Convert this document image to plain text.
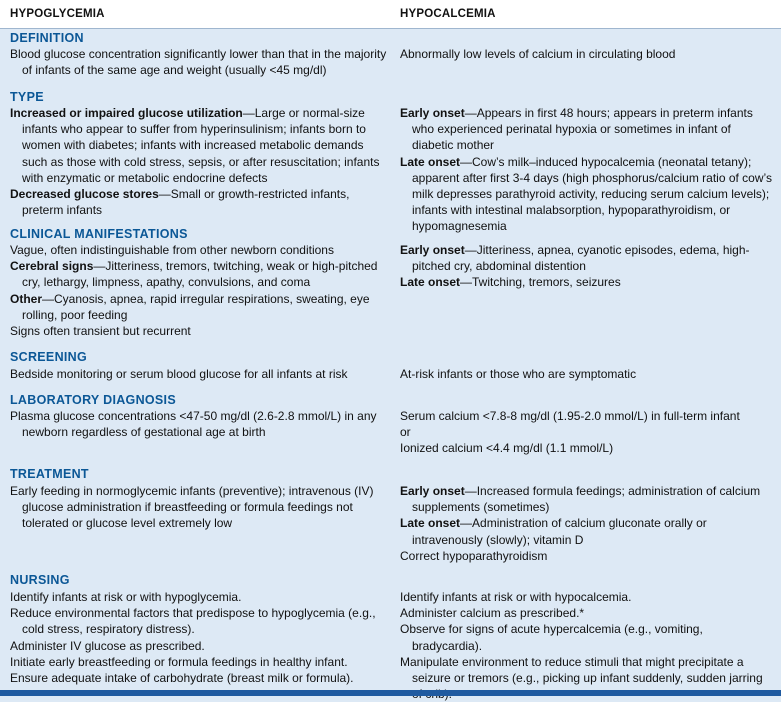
HYPOGLYCEMIA	HYPOCALCEMIA
DEFINITION
Blood glucose concentration significantly lower than that in the majority of infants of the same age and weight (usually <45 mg/dl)
Abnormally low levels of calcium in circulating blood
TYPE
Increased or impaired glucose utilization—Large or normal-size infants who appear to suffer from hyperinsulinism; infants born to women with diabetes; infants with increased metabolic demands such as those with cold stress, sepsis, or after resuscitation; infants with enzymatic or metabolic endocrine defects
Decreased glucose stores—Small or growth-restricted infants, preterm infants
Early onset—Appears in first 48 hours; appears in preterm infants who experienced perinatal hypoxia or sometimes in infant of diabetic mother
Late onset—Cow’s milk–induced hypocalcemia (neonatal tetany); apparent after first 3-4 days (high phosphorus/calcium ratio of cow’s milk depresses parathyroid activity, reducing serum calcium levels); infants with intestinal malabsorption, hypoparathyroidism, or hypomagnesemia
CLINICAL MANIFESTATIONS
Vague, often indistinguishable from other newborn conditions
Cerebral signs—Jitteriness, tremors, twitching, weak or high-pitched cry, lethargy, limpness, apathy, convulsions, and coma
Other—Cyanosis, apnea, rapid irregular respirations, sweating, eye rolling, poor feeding
Signs often transient but recurrent
Early onset—Jitteriness, apnea, cyanotic episodes, edema, high-pitched cry, abdominal distention
Late onset—Twitching, tremors, seizures
SCREENING
Bedside monitoring or serum blood glucose for all infants at risk	At-risk infants or those who are symptomatic
LABORATORY DIAGNOSIS
Plasma glucose concentrations <47-50 mg/dl (2.6-2.8 mmol/L) in any newborn regardless of gestational age at birth
Serum calcium <7.8-8 mg/dl (1.95-2.0 mmol/L) in full-term infant
or
Ionized calcium <4.4 mg/dl (1.1 mmol/L)
TREATMENT
Early feeding in normoglycemic infants (preventive); intravenous (IV) glucose administration if breastfeeding or formula feedings not tolerated or glucose level extremely low
Early onset—Increased formula feedings; administration of calcium supplements (sometimes)
Late onset—Administration of calcium gluconate orally or intravenously (slowly); vitamin D
Correct hypoparathyroidism
NURSING
Identify infants at risk or with hypoglycemia.
Reduce environmental factors that predispose to hypoglycemia (e.g., cold stress, respiratory distress).
Administer IV glucose as prescribed.
Initiate early breastfeeding or formula feedings in healthy infant.
Ensure adequate intake of carbohydrate (breast milk or formula).
Identify infants at risk or with hypocalcemia.
Administer calcium as prescribed.*
Observe for signs of acute hypercalcemia (e.g., vomiting, bradycardia).
Manipulate environment to reduce stimuli that might precipitate a seizure or tremors (e.g., picking up infant suddenly, sudden jarring
